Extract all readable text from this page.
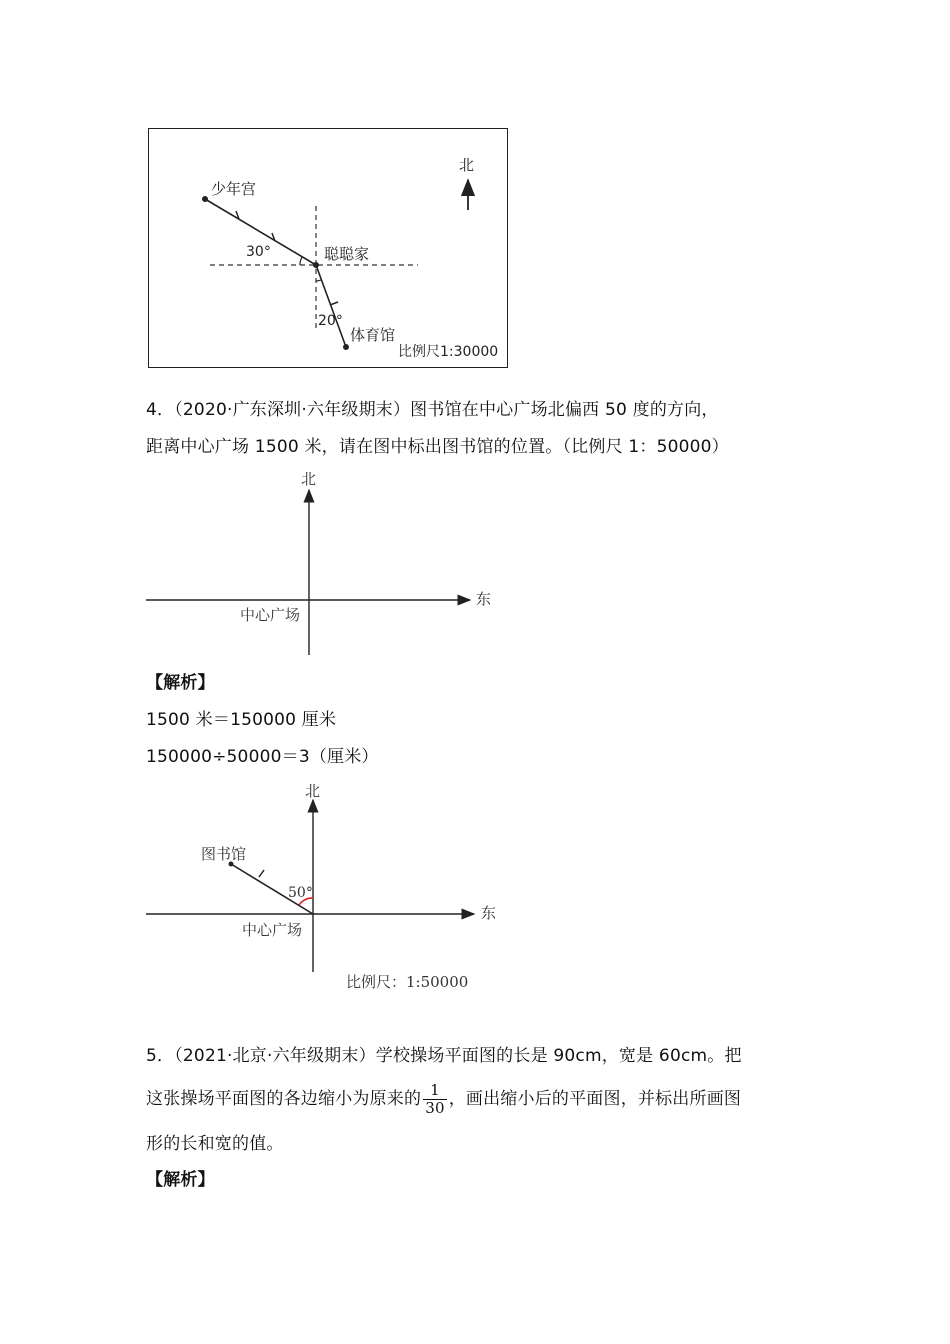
北
少年宫
聪聪家
体育馆
30°
20°
比例尺1:30000
北
东
中心广场
北
东
中心广场
图书馆
50°
比例尺：1:50000
4．（2020·广东深圳·六年级期末）图书馆在中心广场北偏西 50 度的方向，
距离中心广场 1500 米，请在图中标出图书馆的位置。（比例尺 1：50000）
【解析】
1500 米＝150000 厘米
150000÷50000＝3（厘米）
5．（2021·北京·六年级期末）学校操场平面图的长是 90cm，宽是 60cm。把
这张操场平面图的各边缩小为原来的 $\frac{1}{30}$ ，画出缩小后的平面图，并标出所画图
形的长和宽的值。
【解析】
